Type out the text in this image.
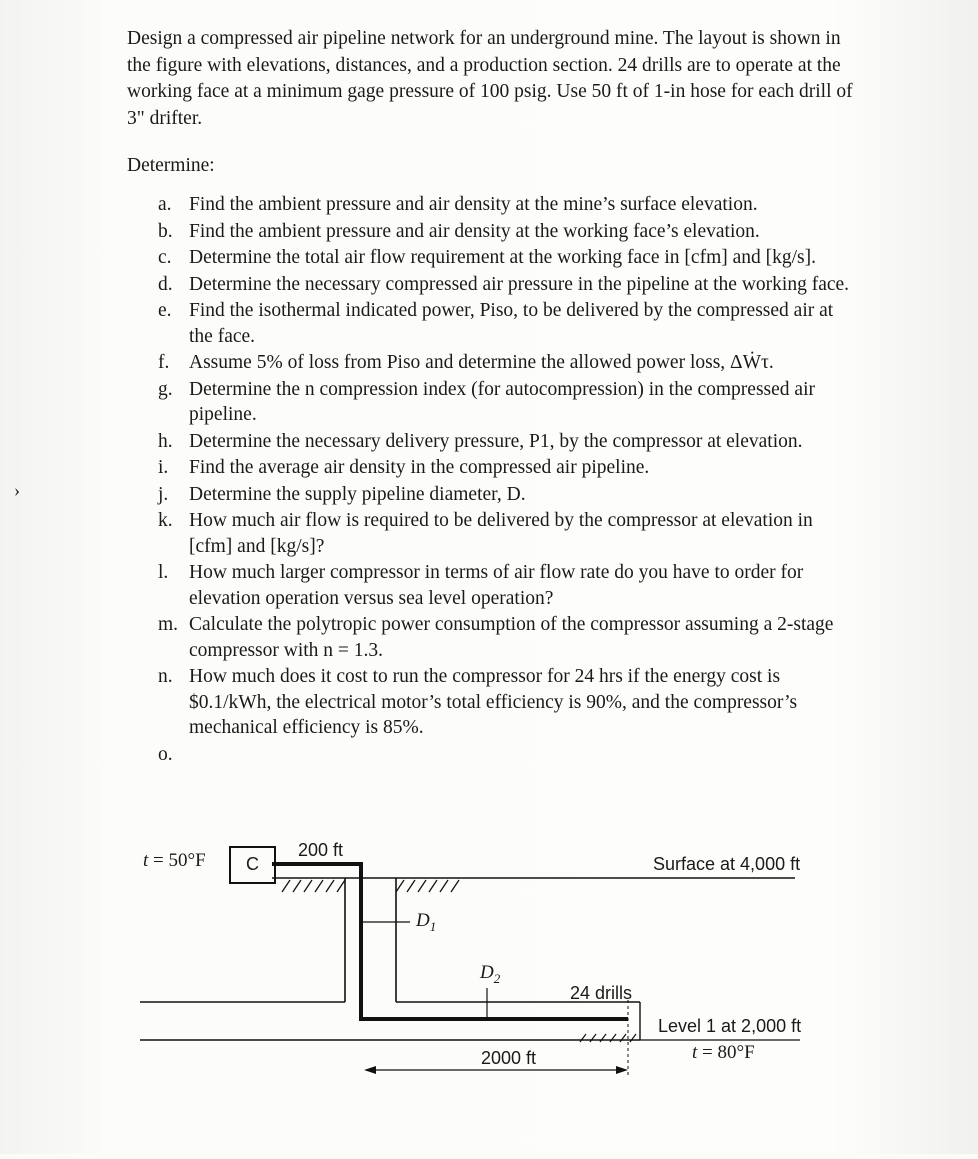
Design a compressed air pipeline network for an underground mine. The layout is shown in the figure with elevations, distances, and a production section. 24 drills are to operate at the working face at a minimum gage pressure of 100 psig. Use 50 ft of 1-in hose for each drill of 3" drifter.

Determine:

›
a. Find the ambient pressure and air density at the mine’s surface elevation.
b. Find the ambient pressure and air density at the working face’s elevation.
c. Determine the total air flow requirement at the working face in [cfm] and [kg/s].
d. Determine the necessary compressed air pressure in the pipeline at the working face.
e. Find the isothermal indicated power, Piso, to be delivered by the compressed air at the face.
f. Assume 5% of loss from Piso and determine the allowed power loss, ΔẆτ.
g. Determine the n compression index (for autocompression) in the compressed air pipeline.
h. Determine the necessary delivery pressure, P1, by the compressor at elevation.
i. Find the average air density in the compressed air pipeline.
j. Determine the supply pipeline diameter, D.
k. How much air flow is required to be delivered by the compressor at elevation in [cfm] and [kg/s]?
l. How much larger compressor in terms of air flow rate do you have to order for elevation operation versus sea level operation?
m. Calculate the polytropic power consumption of the compressor assuming a 2-stage compressor with n = 1.3.
n. How much does it cost to run the compressor for 24 hrs if the energy cost is $0.1/kWh, the electrical motor’s total efficiency is 90%, and the compressor’s mechanical efficiency is 85%.
o.
t = 50°F	C
200 ft
Surface at 4,000 ft
$D_1$
$D_2$
24 drills
Level 1 at 2,000 ft
t = 80°F
2000 ft
